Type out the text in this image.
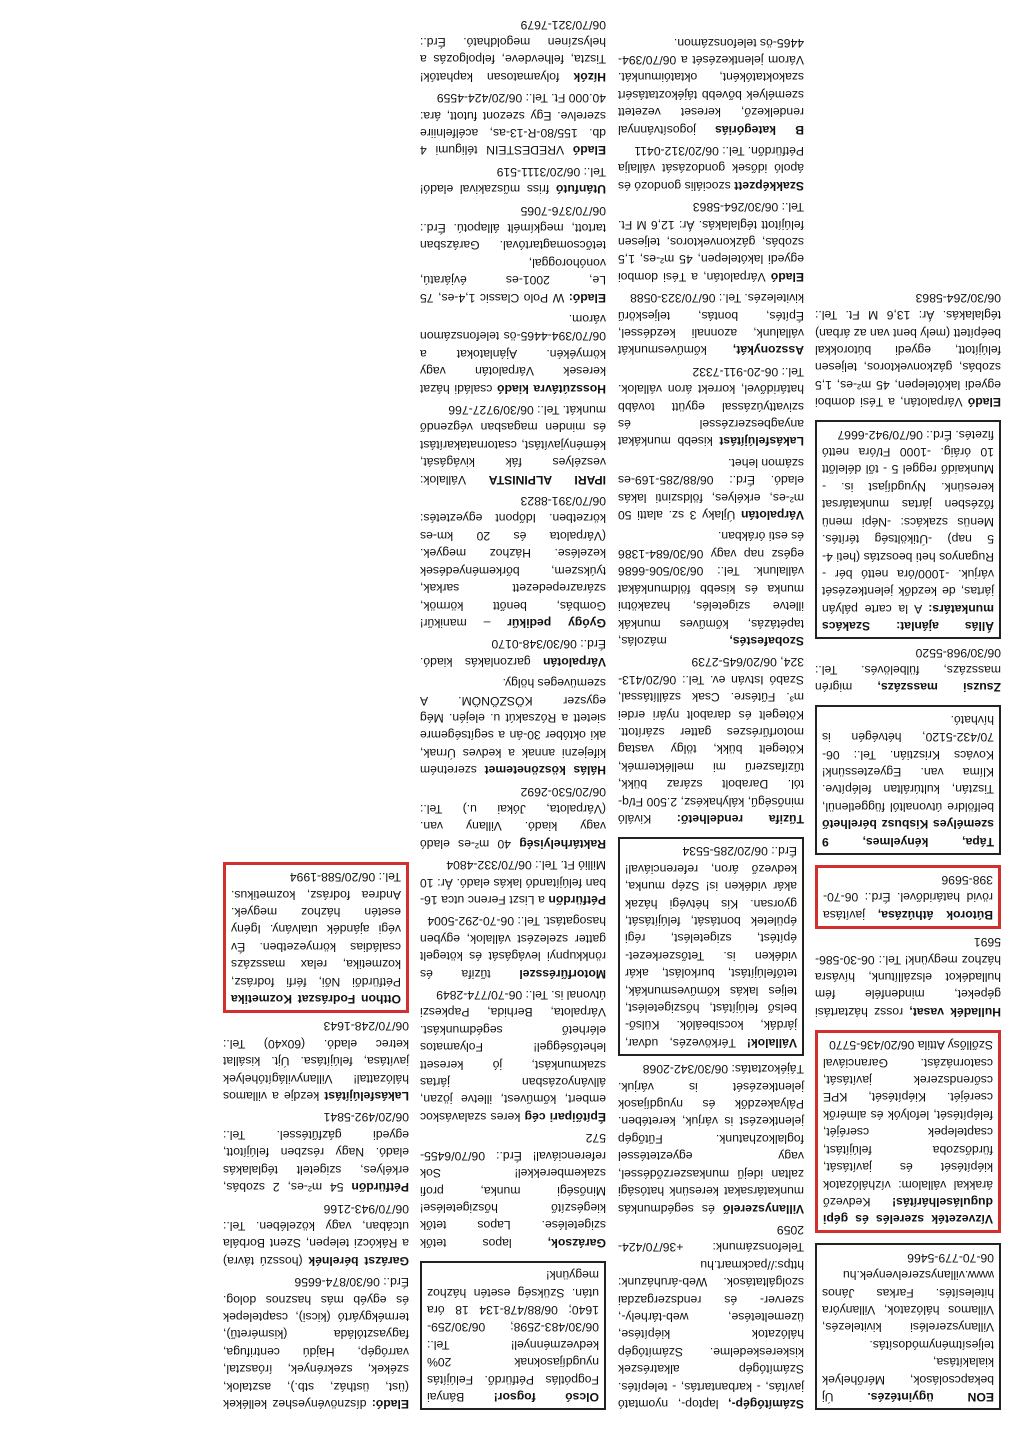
EON ügyintézés. Új bekapcsolások, Mérőhelyek kialakítása, teljesítménymódosítás. Villanyszerelési kivitelezés, Villamos hálózatok, Villanyóra hitelesítés. Farkas János www.villanyszerelvenyek.hu 06-70-779-5466

Vízvezeték szerelés és gépi duguláselhárítás! Kedvező árakkal vállalom: vízhálózatok kiépítését és javítását, fürdőszoba felújítást, csaptelepek cseréjét, felépítését, lefolyók és almérők cseréjét. Kiépítését, KPE csőrendszerek javítását, csatornázást. Garanciával Szőllősy Attila 06/20/436-5770

Hulladék vasat, rossz háztartási gépeket, mindenféle fém hulladékot elszállítunk, hívásra házhoz megyünk! Tel.: 06-30-586-5691

Bútorok áthúzása, javítása rövid határidővel. Érd.: 06-70-398-5696

Tápa, kényelmes, 9 személyes Kisbusz bérelhető belföldre útvonaltól függetlenül, Tisztán, kultúráltan felépítve. Klíma van. Egyeztessünk! Kovács Krisztián. Tel.: 06-70/432-5120, hétvégén is hívható.

Zsuzsi masszázs, migrén masszázs, fülbelövés. Tel.: 06/30/968-5520

Állás ajánlat: Szakács munkatárs: A la carte pályán jártas, de kezdők jelentkezését várjuk. -1000/óra nettó bér -Ruganyos heti beosztás (heti 4-5 nap) -Útiköltség térítés. Menüs szakács: -Népi menü főzésben jártas munkatársat keresünk. Nyugdíjast is. - Munkaidő reggel 5 - től délelőtt 10 óráig. -1000 Ft/óra nettó fizetés. Érd.: 06/70/942-6667

Eladó Várpalotán, a Tési domboi egyedi lakótelepen, 45 m²-es, 1,5 szobás, gázkonvektoros, teljesen felújított, egyedi bútorokkal beépített (mely bent van az árban) téglalakás. Ár: 13,6 M Ft. Tel.: 06/30/264-5863

Számítógép-, laptop-, nyomtató javítás, - karbantartás, - telepítés. Számítógép alkatrészek kiskereskedelme. Számítógép hálózatok kiépítése, üzemeltetése, web-tárhely-, szerver- és rendszergazdai szolgáltatások. Web-áruházunk: https://packmart.hu Telefonszámunk: +36/70/424-2059

Villanyszerelő és segédmunkás munkatársakat keresünk hatósági zaltan idejű munkaszerződéssel, vagy egyeztetéssel foglalkozhatunk. Fűtőgép jelentkezést is várjuk, keretében. Pályakezdők és nyugdíjasok jelentkezését is várjuk. Tájékoztatás: 06/30/342-2068

Vállalok! Térkövezés, udvar, járdák, kocsibeálók. Külső-belső felújítást, hőszigetelést, teljes lakás kőművesmunkák, tetőfelújítást, burkolást, akár vidéken is. Tetőszerkezet-építést, szigetelést, régi épületek bontását, felújítását, gyorsan. Kis hétvégi házak akár vidéken is! Szép munka, kedvező áron, referenciával! Érd.: 06/20/285-5534

Tűzifa rendelhető: Kiváló minőségű, kályhakész, 2.500 Ft/q-tól. Darabolt száraz bükk, tűzifaszerű mi melléktermék, Kötegelt bükk, tölgy vastag motorfűrészes gatter szárított. Kötegelt és darabolt nyári erdei m³. Fűtésre. Csak szállítással, Szabó István ev. Tel.: 06/20/413-324, 06/20/645-2739

Szobafestés, mázolás, tapétázás, kőműves munkák illetve szigetelés, hazakötni munka és kisebb földmunkákat vállalunk. Tel.: 06/30/506-6686 egész nap vagy 06/30/684-1386 és esti órákban.

Várpalotán Újlaky 3 sz. alatti 50 m²-es, erkélyes, földszinti lakás eladó. Érd.: 06/88/285-169-es számon lehet.

Lakásfelújítást kisebb munkákat anyagbeszerzéssel és szivattyúzással együtt tovább határidővel, korrekt áron vállalok. Tel.: 06-20-911-7332

Asszonykát, kőművesmunkát vállalunk, azonnali kezdéssel, Építés, bontás, teljeskörű kivitelezés. Tel.: 06/70/323-0588

Eladó Várpalotán, a Tési domboi egyedi lakótelepen, 45 m²-es, 1,5 szobás, gázkonvektoros, teljesen felújított téglalakás. Ár: 12,6 M Ft. Tel.: 06/30/264-5863

Szakképzett szociális gondozó és ápoló idősek gondozását vállalja Pétfürdőn. Tel.: 06/20/312-0411

B kategóriás jogosítvánnyal rendelkező, kereset vezetett személyek bővebb tájékoztatásért szakoktatóként, oktatóimunkát. Várom jelentkezését a 06/70/394-4465-ös telefonszámon.

Olcsó fogsor! Bányai Fogpótlás Pétfürdő. Felújítás nyugdíjasoknak 20% kedvezménnyel! Tel.: 06/30/483-2598; 06/30/259-1640; 06/88/478-134 18 óra után. Szükség esetén házhoz megyünk!

Garázsok, lapos tetők szigetelése. Lapos tetők kiegészítő hőszigetelése! Minőségi munka, profi szakemberekkel! Sok referenciával! Érd.: 06/70/6455-572

Építőipari cég keres szalaváskoc embert, kőművest, illetve jözan, állványozásban jártas szakmunkást, jó keresett lehetőséggel! Folyamatos elérhető segédmunkást. Várpalota, Berhida, Papkeszi útvonal is. Tel.: 06-70/774-2849

Motorfűrésszel tűzifa és rönkkupnyi levágását és kötegelt gatter szelezést vállalok, egyben hasogatást. Tel.: 06-70-292-5004

Pétfürdőn a Liszt Ferenc utca 16-ban felújítandó lakás eladó. Ár: 10 Millió Ft. Tel.: 06/70/332-4804

Raktárhelyiség 40 m²-es eladó vagy kiadó. Villany van. (Várpalota, Jókai u.) Tel.: 06/20/530-2692

Hálás köszönetemet szeretném kifejezni annak a kedves Úrnak, aki október 30-án a segítségemre sietett a Rózsakút u. elején. Még egyszer KÖSZÖNÖM. A szemüveges hölgy.

Várpalotán garzonlakás kiadó. Érd.: 06/30/348-0170

Gyógy pedikűr – manikűr! Gombás, benőtt körmök, szárazrepedezett sarkak, tyúkszem, bőrkeményedések kezelése. Házhoz megyek. (Várpalota és 20 km-es körzetben. Időpont egyeztetés: 06/70/391-8823

IPARI ALPINISTA Vállalok: veszélyes fák kivágását, kéményjavítást, csatornatakarítást és minden magasban végzendő munkát. Tel.: 06/30/9727-766

Hosszútávra kiadó családi házat keresek Várpalotán vagy környékén. Ajánlatokat a 06/70/394-4465-ös telefonszámon várom.

Eladó: W Polo Classic 1,4-es, 75 Le, 2001-es évjáratú, vonóhoroggal, tetőcsomagtartóval. Garázsban tartott, megkímélt állapotú. Érd.: 06/70/376-7065

Utánfutó friss műszakival eladó! Tel.: 06/20/3111-519

Eladó VREDESTEIN téligumi 4 db. 155/80-R-13-as, acélfelniire szerelve. Egy szezont futott, ára: 40.000 Ft. Tel.: 06/20/424-4559

Hízók folyamatosan kaphatók! Tiszta, felhevdeve, felpolgozás a helyszínen megoldható. Érd.: 06/70/321-7679

Eladó: dísznövényeshez kellékek (üst, üstház, stb.), asztalok, székek, szekrények, íróasztal, varrógép, Hajdú centrifuga, fagyasztóláda (kisméretű), termékgyártó (kicsi), csaptelepek és egyéb más hasznos dolog. Érd.: 06/30/874-6656

Garázst bérelnék (hosszú távra) a Rákóczi telepen, Szent Borbála utcában, vagy közelében. Tel.: 06/70/943-2166

Pétfürdőn 54 m²-es, 2 szobás, erkélyes, szigetelt téglalakás eladó. Nagy részben felújított, egyedi gázfűtéssel. Tel.: 06/20/492-5841

Lakásfelújítást kezdje a villamos hálózattal! Villanyvilágítóhelyek javítása, felújítása. Újt. kisállat ketrec eladó. (60x40) Tel.: 06/70/248-1643

Otthon Fodrászat Kozmetika Pétfürdői Női, férfi fodrász, kozmetika, relax masszázs családias környezetben. Év végi ajándék utalvány. Igény esetén házhoz megyek. Andrea fodrász, kozmetikus. Tel.: 06/20/588-1994
